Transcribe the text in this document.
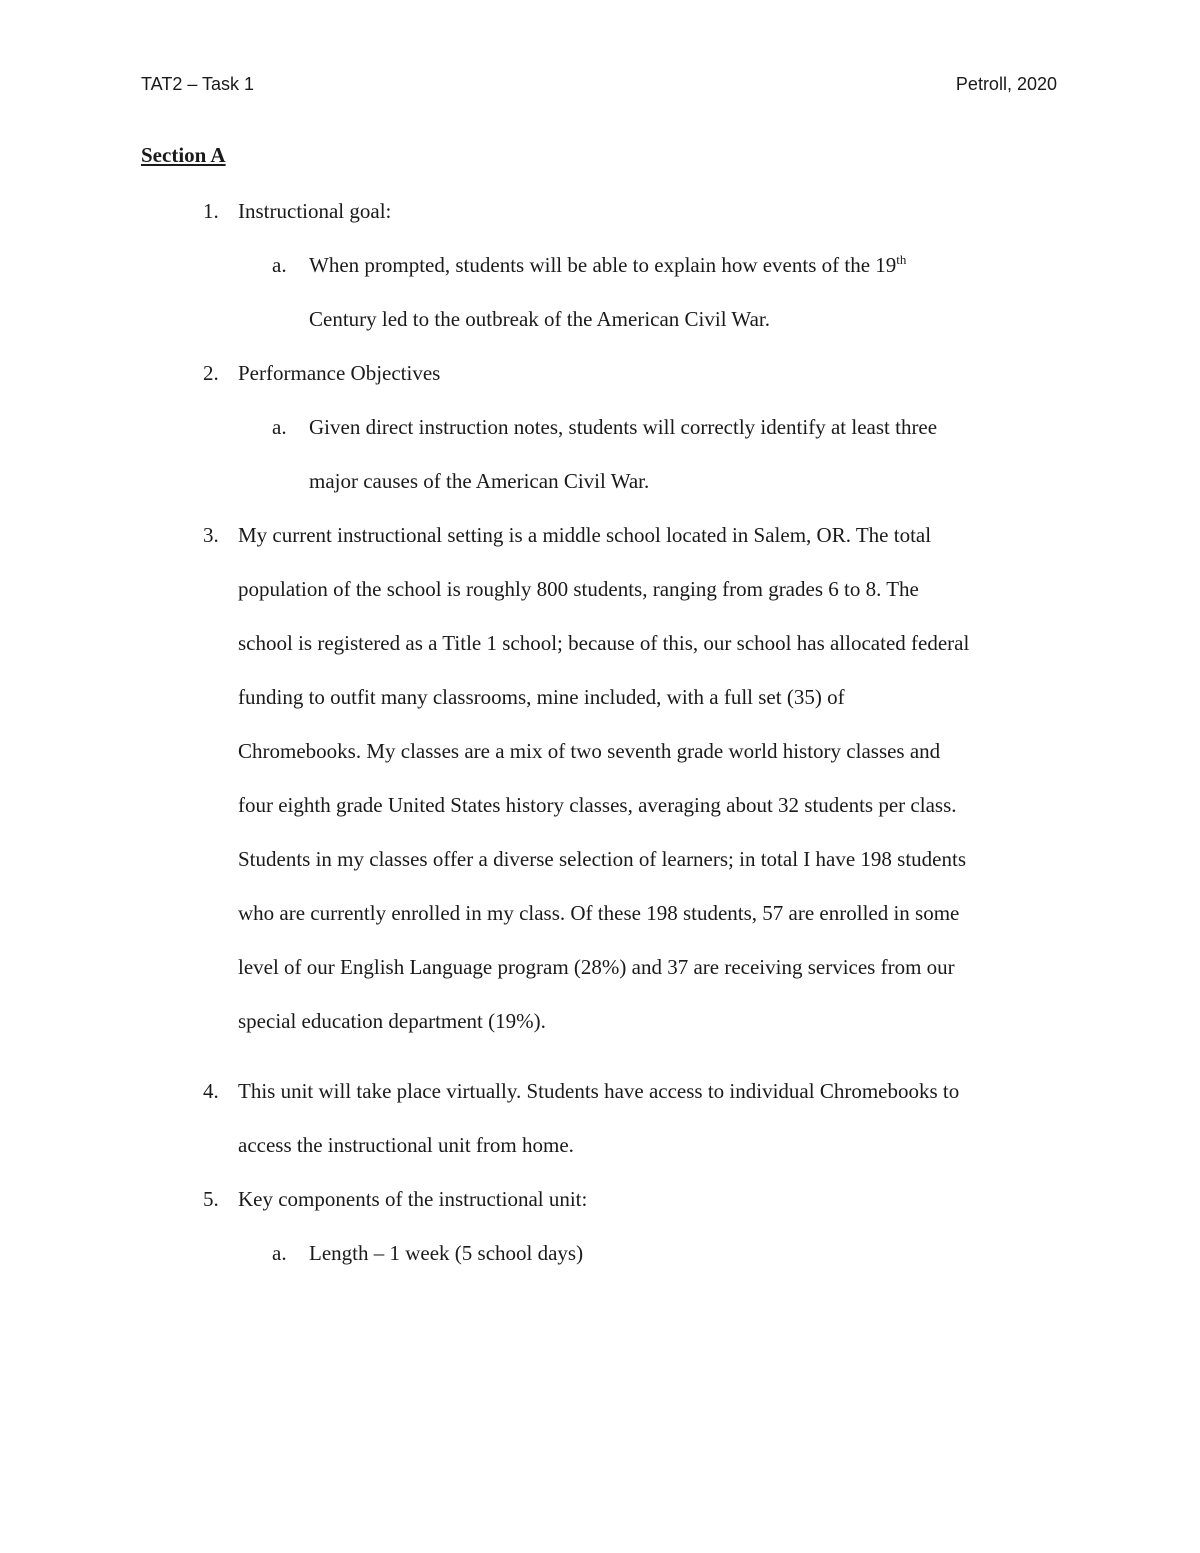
TAT2 – Task 1	Petroll, 2020
Section A
1. Instructional goal:
a.	When prompted, students will be able to explain how events of the 19th
Century led to the outbreak of the American Civil War.
2. Performance Objectives
a.	Given direct instruction notes, students will correctly identify at least three
major causes of the American Civil War.
3. My current instructional setting is a middle school located in Salem, OR. The total
population of the school is roughly 800 students, ranging from grades 6 to 8. The
school is registered as a Title 1 school; because of this, our school has allocated federal
funding to outfit many classrooms, mine included, with a full set (35) of
Chromebooks. My classes are a mix of two seventh grade world history classes and
four eighth grade United States history classes, averaging about 32 students per class.
Students in my classes offer a diverse selection of learners; in total I have 198 students
who are currently enrolled in my class. Of these 198 students, 57 are enrolled in some
level of our English Language program (28%) and 37 are receiving services from our
special education department (19%).
4. This unit will take place virtually. Students have access to individual Chromebooks to
access the instructional unit from home.
5. Key components of the instructional unit:
a.	Length – 1 week (5 school days)
